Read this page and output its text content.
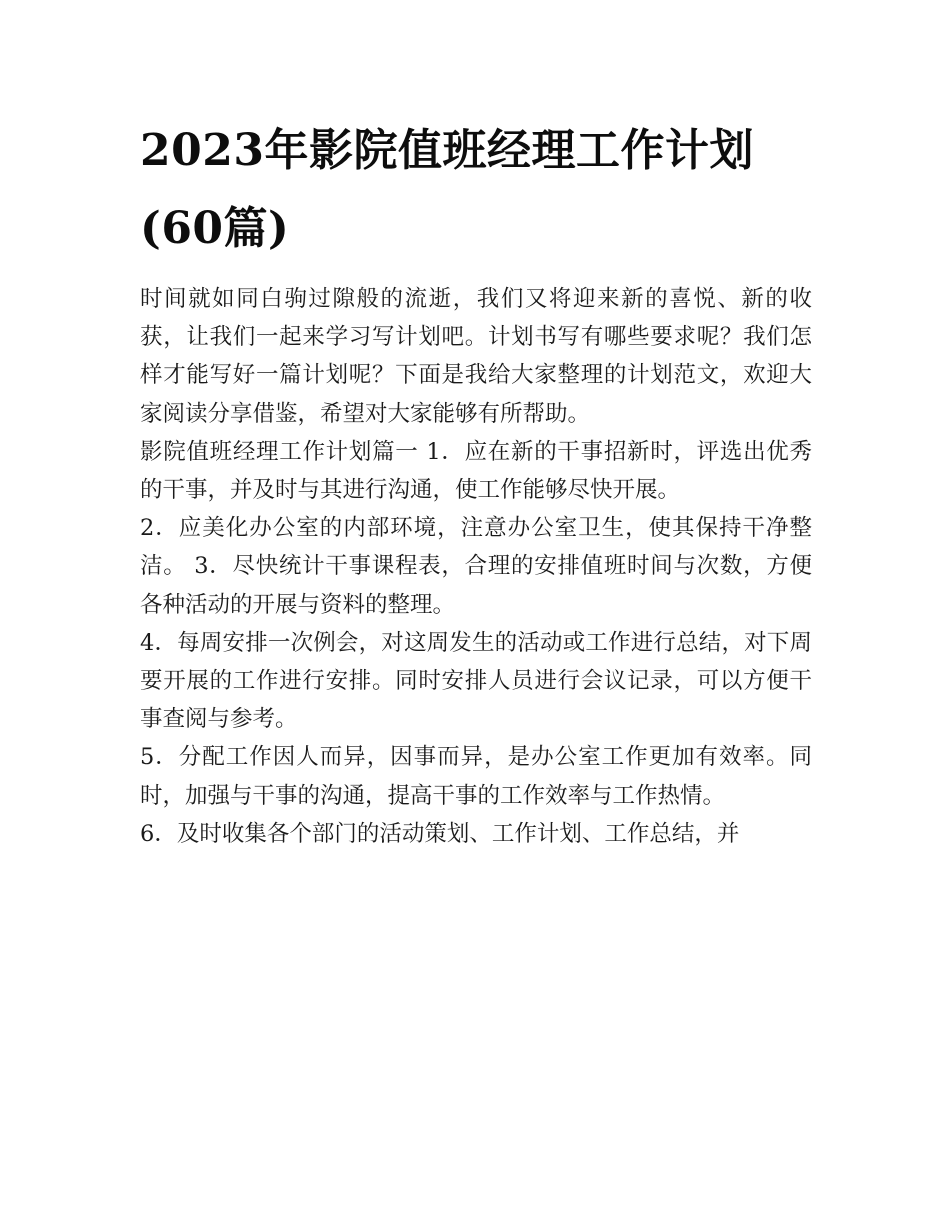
2023年影院值班经理工作计划
(60篇)

时间就如同白驹过隙般的流逝，我们又将迎来新的喜悦、新的收获，让我们一起来学习写计划吧。计划书写有哪些要求呢？我们怎样才能写好一篇计划呢？下面是我给大家整理的计划范文，欢迎大家阅读分享借鉴，希望对大家能够有所帮助。

影院值班经理工作计划篇一 1．应在新的干事招新时，评选出优秀的干事，并及时与其进行沟通，使工作能够尽快开展。

2．应美化办公室的内部环境，注意办公室卫生，使其保持干净整洁。 3．尽快统计干事课程表，合理的安排值班时间与次数，方便各种活动的开展与资料的整理。

4．每周安排一次例会，对这周发生的活动或工作进行总结，对下周要开展的工作进行安排。同时安排人员进行会议记录，可以方便干事查阅与参考。

5．分配工作因人而异，因事而异，是办公室工作更加有效率。同时，加强与干事的沟通，提高干事的工作效率与工作热情。

6．及时收集各个部门的活动策划、工作计划、工作总结，并
